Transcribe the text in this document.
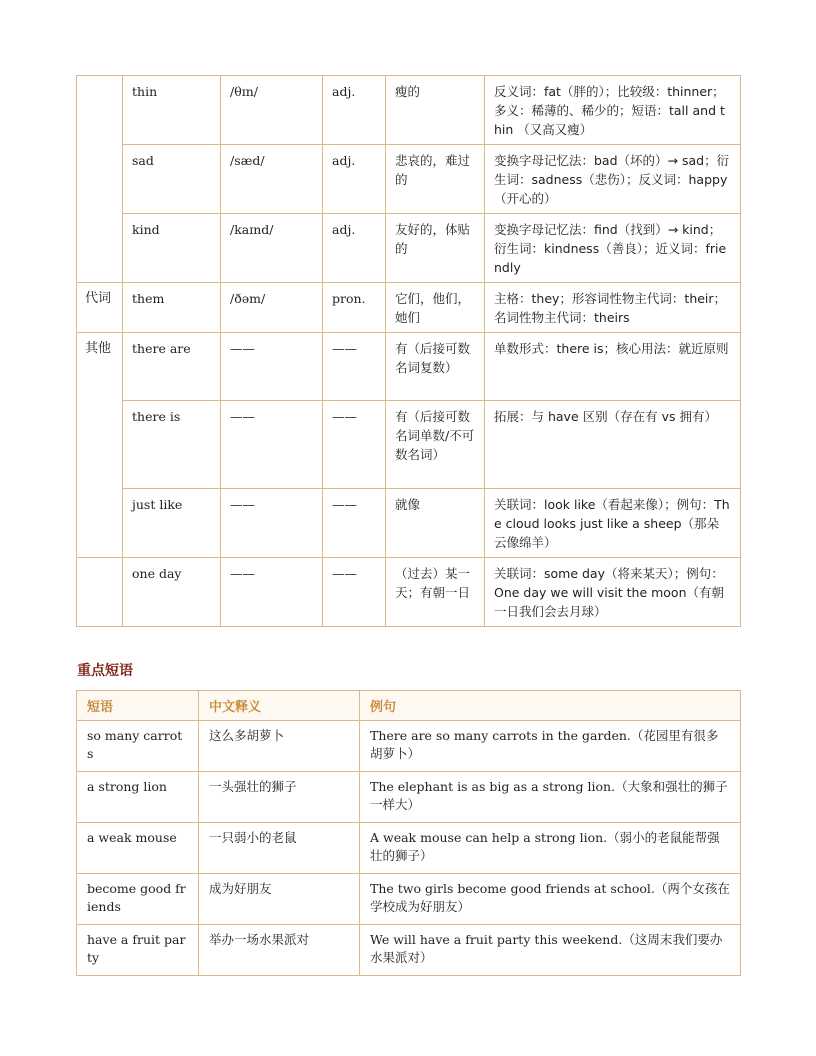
	thin	/θɪn/	adj.	瘦的	反义词：fat（胖的）；比较级：thinner；多义：稀薄的、稀少的；短语：tall and thin （又高又瘦）
	sad	/sæd/	adj.	悲哀的，难过的	变换字母记忆法：bad（坏的）→ sad；衍生词：sadness（悲伤）；反义词：happy（开心的）
	kind	/kaɪnd/	adj.	友好的，体贴的	变换字母记忆法：find（找到）→ kind；衍生词：kindness（善良）；近义词：friendly
代词	them	/ðəm/	pron.	它们，他们，她们	主格：they；形容词性物主代词：their；名词性物主代词：theirs
其他	there are	——	——	有（后接可数名词复数）	单数形式：there is；核心用法：就近原则
	there is	——	——	有（后接可数名词单数/不可数名词）	拓展：与 have 区别（存在有 vs 拥有）
	just like	——	——	就像	关联词：look like（看起来像）；例句：The cloud looks just like a sheep（那朵云像绵羊）
	one day	——	——	（过去）某一天；有朝一日	关联词：some day（将来某天）；例句：One day we will visit the moon（有朝一日我们会去月球）
重点短语
短语	中文释义	例句
so many carrots	这么多胡萝卜	There are so many carrots in the garden.（花园里有很多胡萝卜）
a strong lion	一头强壮的狮子	The elephant is as big as a strong lion.（大象和强壮的狮子一样大）
a weak mouse	一只弱小的老鼠	A weak mouse can help a strong lion.（弱小的老鼠能帮强壮的狮子）
become good friends	成为好朋友	The two girls become good friends at school.（两个女孩在学校成为好朋友）
have a fruit party	举办一场水果派对	We will have a fruit party this weekend.（这周末我们要办水果派对）
